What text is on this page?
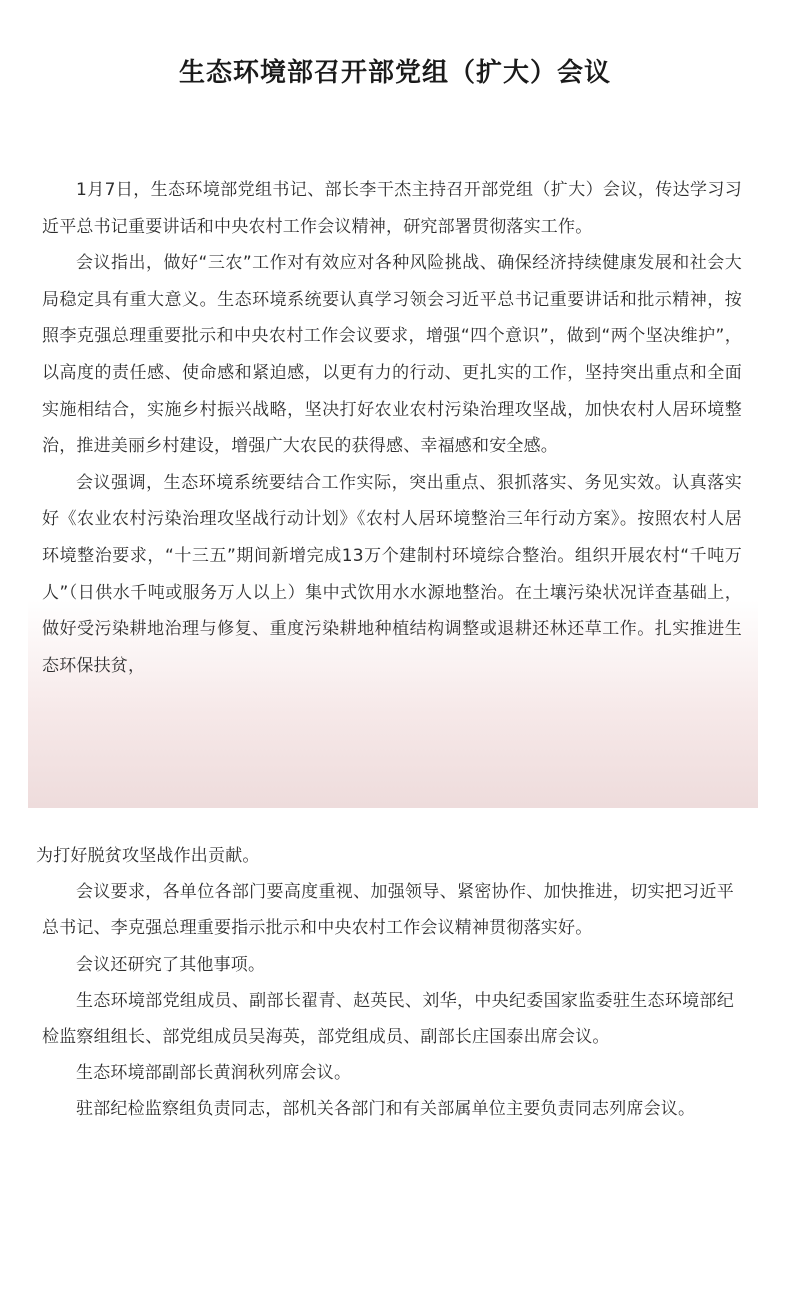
生态环境部召开部党组（扩大）会议

1月7日，生态环境部党组书记、部长李干杰主持召开部党组（扩大）会议，传达学习习近平总书记重要讲话和中央农村工作会议精神，研究部署贯彻落实工作。

会议指出，做好“三农”工作对有效应对各种风险挑战、确保经济持续健康发展和社会大局稳定具有重大意义。生态环境系统要认真学习领会习近平总书记重要讲话和批示精神，按照李克强总理重要批示和中央农村工作会议要求，增强“四个意识”，做到“两个坚决维护”，以高度的责任感、使命感和紧迫感，以更有力的行动、更扎实的工作，坚持突出重点和全面实施相结合，实施乡村振兴战略，坚决打好农业农村污染治理攻坚战，加快农村人居环境整治，推进美丽乡村建设，增强广大农民的获得感、幸福感和安全感。

会议强调，生态环境系统要结合工作实际，突出重点、狠抓落实、务见实效。认真落实好《农业农村污染治理攻坚战行动计划》《农村人居环境整治三年行动方案》。按照农村人居环境整治要求，“十三五”期间新增完成13万个建制村环境综合整治。组织开展农村“千吨万人”（日供水千吨或服务万人以上）集中式饮用水水源地整治。在土壤污染状况详查基础上，做好受污染耕地治理与修复、重度污染耕地种植结构调整或退耕还林还草工作。扎实推进生态环保扶贫，

为打好脱贫攻坚战作出贡献。

会议要求，各单位各部门要高度重视、加强领导、紧密协作、加快推进，切实把习近平总书记、李克强总理重要指示批示和中央农村工作会议精神贯彻落实好。

会议还研究了其他事项。

生态环境部党组成员、副部长翟青、赵英民、刘华，中央纪委国家监委驻生态环境部纪检监察组组长、部党组成员吴海英，部党组成员、副部长庄国泰出席会议。

生态环境部副部长黄润秋列席会议。

驻部纪检监察组负责同志，部机关各部门和有关部属单位主要负责同志列席会议。
